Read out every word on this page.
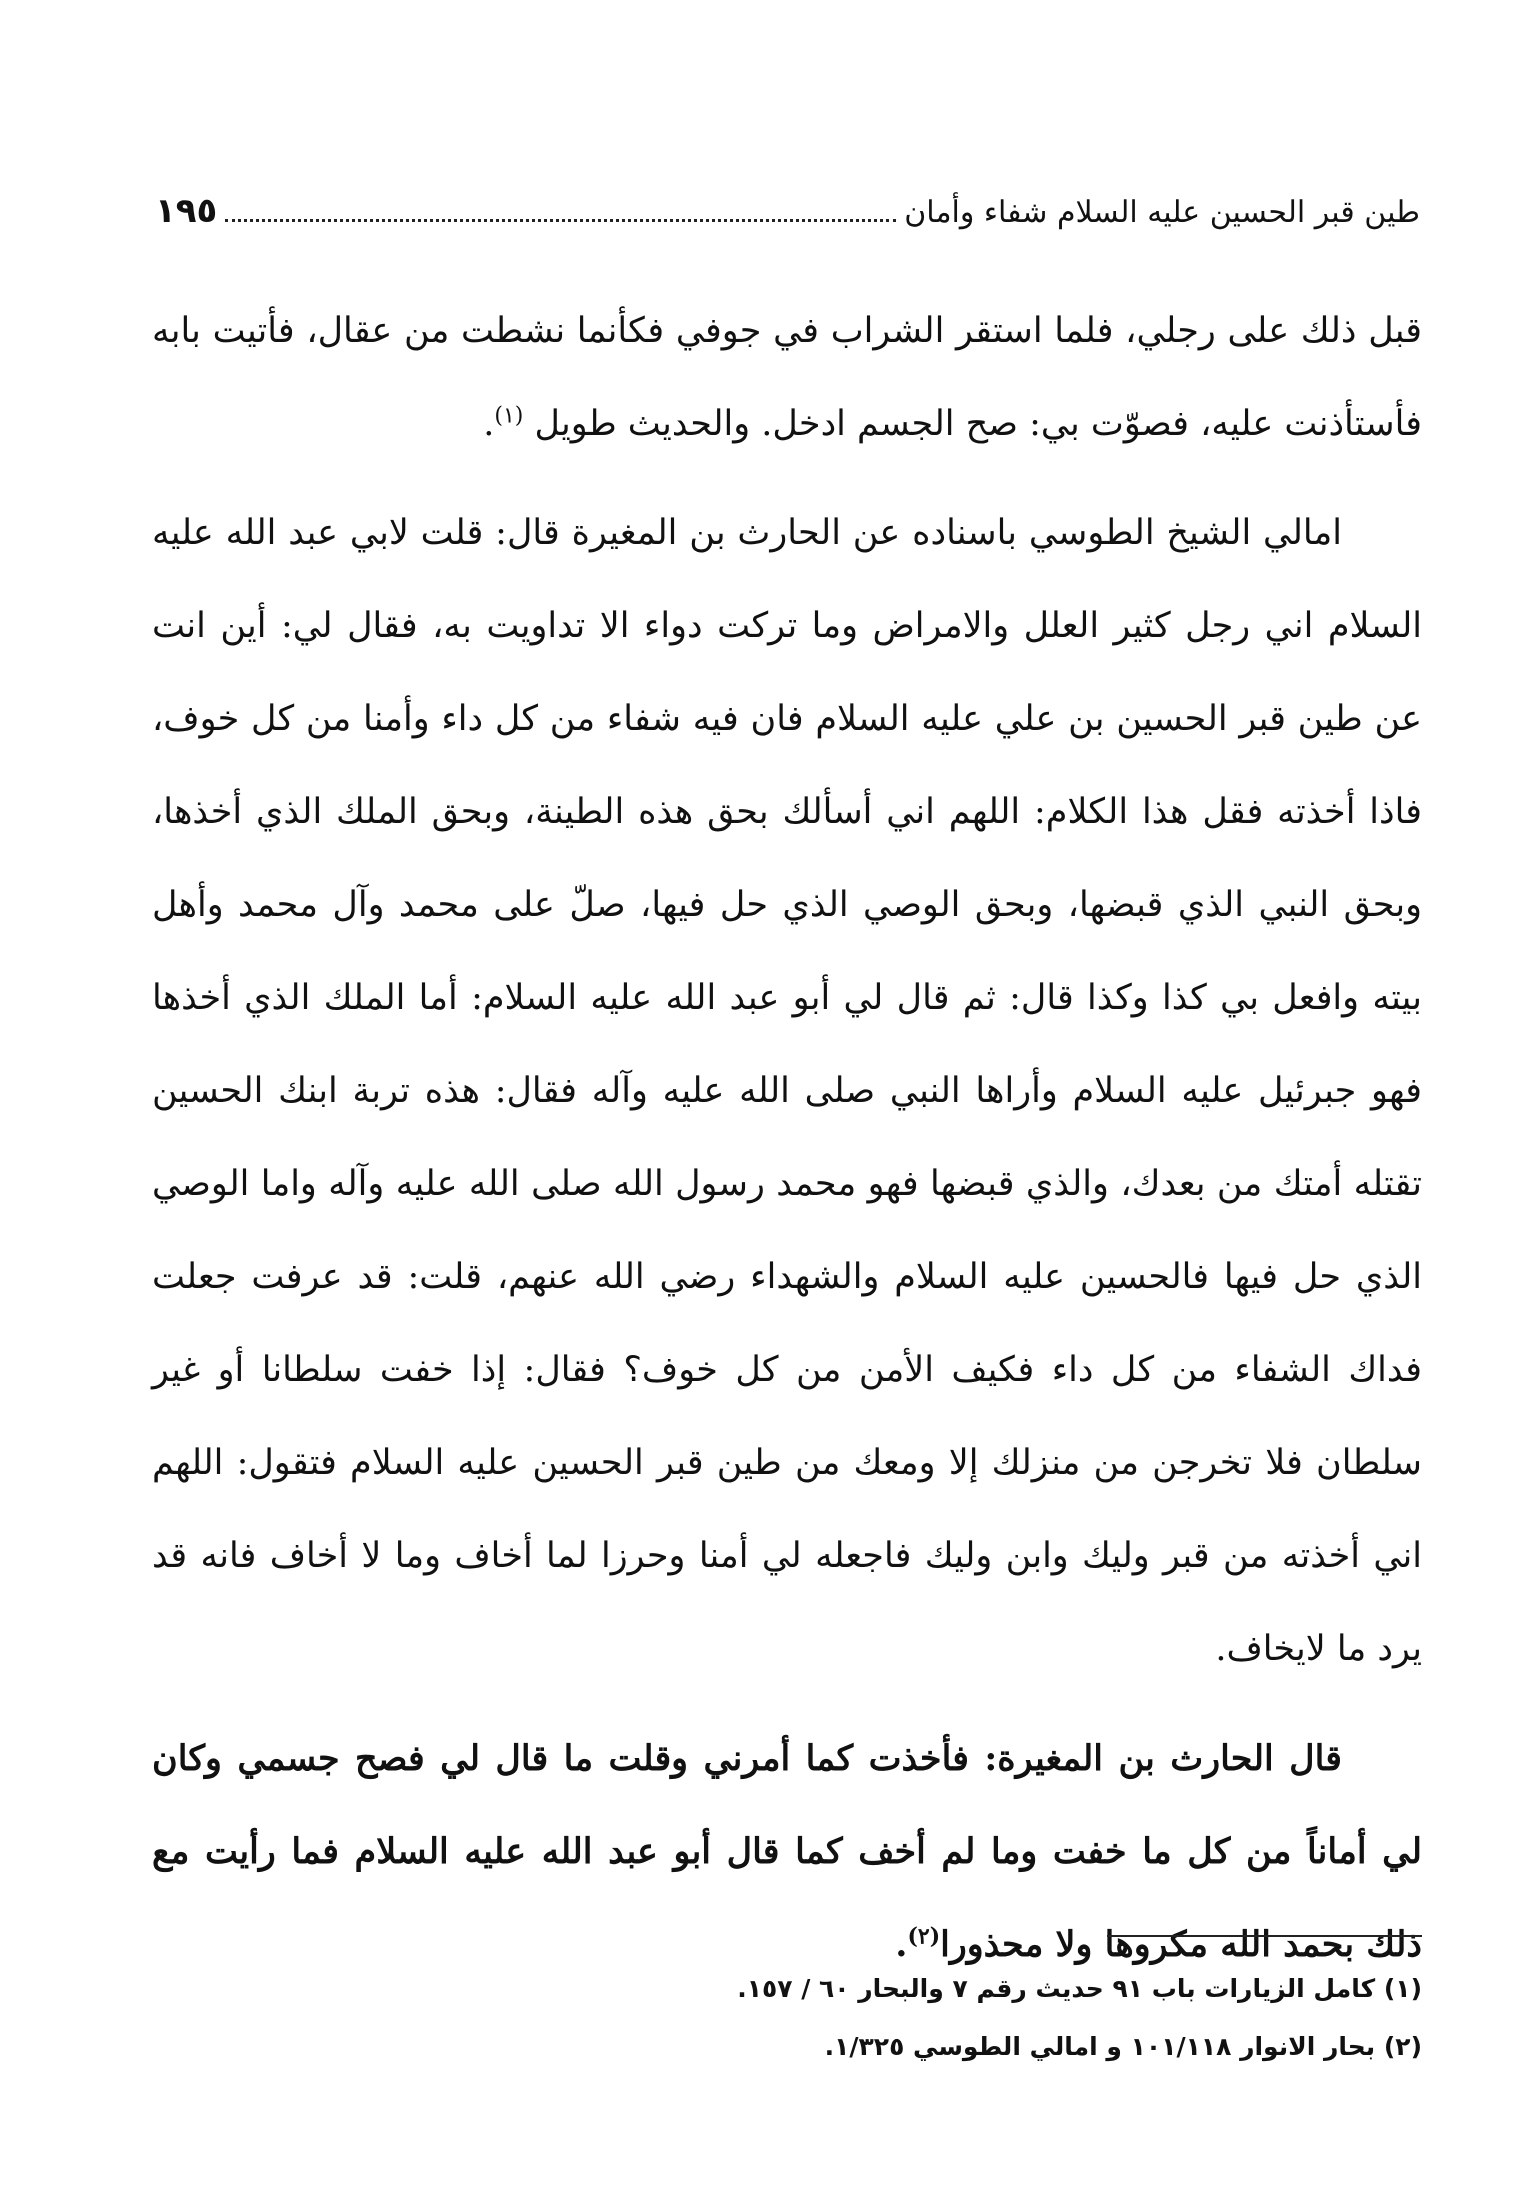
طين قبر الحسين عليه السلام شفاء وأمان
١٩٥

قبل ذلك على رجلي، فلما استقر الشراب في جوفي فكأنما نشطت من عقال، فأتيت بابه فأستأذنت عليه، فصوّت بي: صح الجسم ادخل. والحديث طويل $^{(١)}$.

امالي الشيخ الطوسي باسناده عن الحارث بن المغيرة قال: قلت لابي عبد الله عليه السلام اني رجل كثير العلل والامراض وما تركت دواء الا تداويت به، فقال لي: أين انت عن طين قبر الحسين بن علي عليه السلام فان فيه شفاء من كل داء وأمنا من كل خوف، فاذا أخذته فقل هذا الكلام: اللهم اني أسألك بحق هذه الطينة، وبحق الملك الذي أخذها، وبحق النبي الذي قبضها، وبحق الوصي الذي حل فيها، صلّ على محمد وآل محمد وأهل بيته وافعل بي كذا وكذا قال: ثم قال لي أبو عبد الله عليه السلام: أما الملك الذي أخذها فهو جبرئيل عليه السلام وأراها النبي صلى الله عليه وآله فقال: هذه تربة ابنك الحسين تقتله أمتك من بعدك، والذي قبضها فهو محمد رسول الله صلى الله عليه وآله واما الوصي الذي حل فيها فالحسين عليه السلام والشهداء رضي الله عنهم، قلت: قد عرفت جعلت فداك الشفاء من كل داء فكيف الأمن من كل خوف؟ فقال: إذا خفت سلطانا أو غير سلطان فلا تخرجن من منزلك إلا ومعك من طين قبر الحسين عليه السلام فتقول: اللهم اني أخذته من قبر وليك وابن وليك فاجعله لي أمنا وحرزا لما أخاف وما لا أخاف فانه قد يرد ما لايخاف.

قال الحارث بن المغيرة: فأخذت كما أمرني وقلت ما قال لي فصح جسمي وكان لي أماناً من كل ما خفت وما لم أخف كما قال أبو عبد الله عليه السلام فما رأيت مع ذلك بحمد الله مكروها ولا محذورا$^{(٢)}$.

(١) كامل الزيارات باب ٩١ حديث رقم ٧ والبحار ٦٠ / ١٥٧.

(٢) بحار الانوار ١٠١/١١٨ و امالي الطوسي ١/٣٢٥.
